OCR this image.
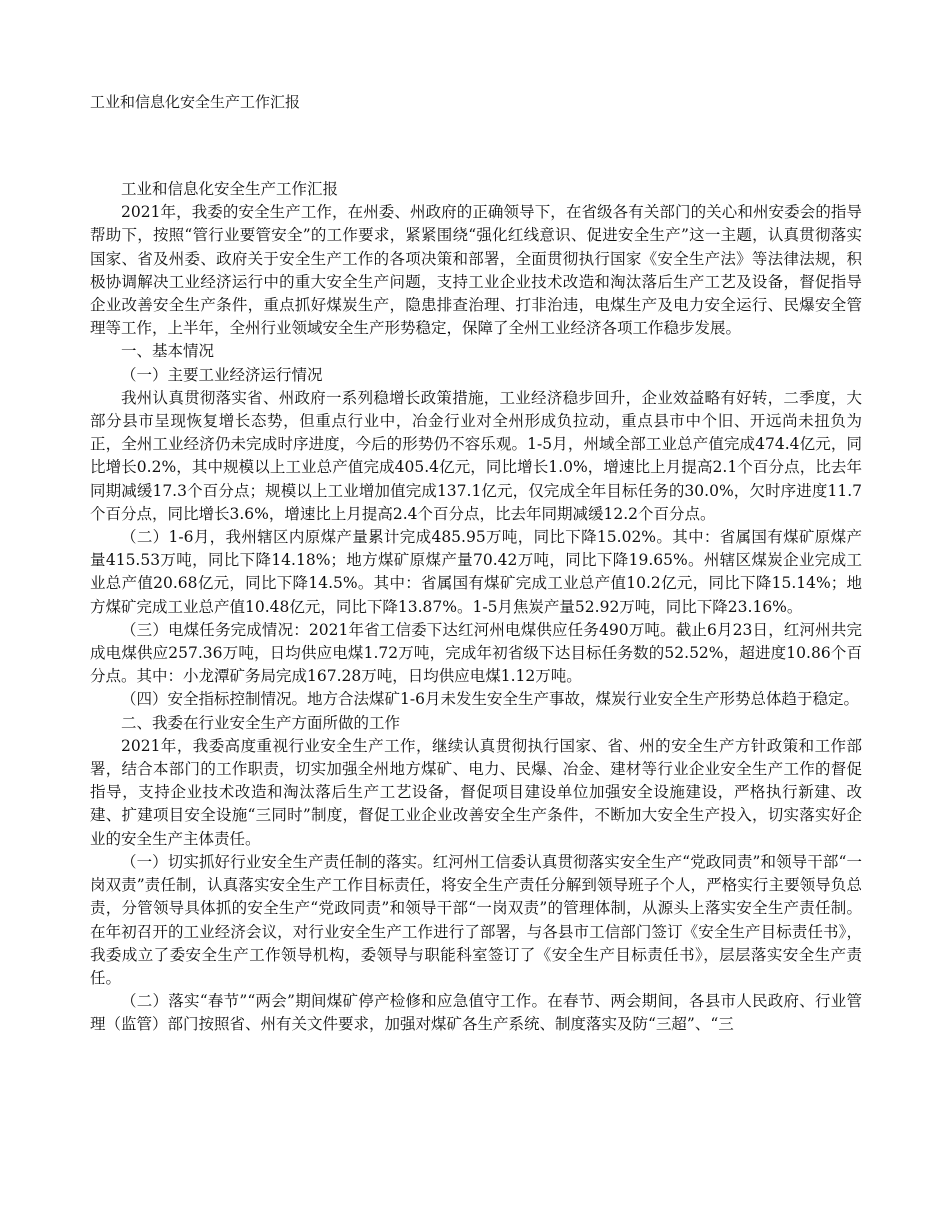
工业和信息化安全生产工作汇报

工业和信息化安全生产工作汇报

2021年，我委的安全生产工作，在州委、州政府的正确领导下，在省级各有关部门的关心和州安委会的指导帮助下，按照“管行业要管安全”的工作要求，紧紧围绕“强化红线意识、促进安全生产”这一主题，认真贯彻落实国家、省及州委、政府关于安全生产工作的各项决策和部署，全面贯彻执行国家《安全生产法》等法律法规，积极协调解决工业经济运行中的重大安全生产问题，支持工业企业技术改造和淘汰落后生产工艺及设备，督促指导企业改善安全生产条件，重点抓好煤炭生产，隐患排查治理、打非治违，电煤生产及电力安全运行、民爆安全管理等工作，上半年，全州行业领域安全生产形势稳定，保障了全州工业经济各项工作稳步发展。

一、基本情况

（一）主要工业经济运行情况

我州认真贯彻落实省、州政府一系列稳增长政策措施，工业经济稳步回升，企业效益略有好转，二季度，大部分县市呈现恢复增长态势，但重点行业中，冶金行业对全州形成负拉动，重点县市中个旧、开远尚未扭负为正，全州工业经济仍未完成时序进度，今后的形势仍不容乐观。1-5月，州域全部工业总产值完成474.4亿元，同比增长0.2%，其中规模以上工业总产值完成405.4亿元，同比增长1.0%，增速比上月提高2.1个百分点，比去年同期减缓17.3个百分点；规模以上工业增加值完成137.1亿元，仅完成全年目标任务的30.0%，欠时序进度11.7个百分点，同比增长3.6%，增速比上月提高2.4个百分点，比去年同期减缓12.2个百分点。

（二）1-6月，我州辖区内原煤产量累计完成485.95万吨，同比下降15.02%。其中：省属国有煤矿原煤产量415.53万吨，同比下降14.18%；地方煤矿原煤产量70.42万吨，同比下降19.65%。州辖区煤炭企业完成工业总产值20.68亿元，同比下降14.5%。其中：省属国有煤矿完成工业总产值10.2亿元，同比下降15.14%；地方煤矿完成工业总产值10.48亿元，同比下降13.87%。1-5月焦炭产量52.92万吨，同比下降23.16%。

（三）电煤任务完成情况：2021年省工信委下达红河州电煤供应任务490万吨。截止6月23日，红河州共完成电煤供应257.36万吨，日均供应电煤1.72万吨，完成年初省级下达目标任务数的52.52%，超进度10.86个百分点。其中：小龙潭矿务局完成167.28万吨，日均供应电煤1.12万吨。

（四）安全指标控制情况。地方合法煤矿1-6月未发生安全生产事故，煤炭行业安全生产形势总体趋于稳定。

二、我委在行业安全生产方面所做的工作

2021年，我委高度重视行业安全生产工作，继续认真贯彻执行国家、省、州的安全生产方针政策和工作部署，结合本部门的工作职责，切实加强全州地方煤矿、电力、民爆、冶金、建材等行业企业安全生产工作的督促指导，支持企业技术改造和淘汰落后生产工艺设备，督促项目建设单位加强安全设施建设，严格执行新建、改建、扩建项目安全设施“三同时”制度，督促工业企业改善安全生产条件，不断加大安全生产投入，切实落实好企业的安全生产主体责任。

（一）切实抓好行业安全生产责任制的落实。红河州工信委认真贯彻落实安全生产“党政同责”和领导干部“一岗双责”责任制，认真落实安全生产工作目标责任，将安全生产责任分解到领导班子个人，严格实行主要领导负总责，分管领导具体抓的安全生产“党政同责”和领导干部“一岗双责”的管理体制，从源头上落实安全生产责任制。在年初召开的工业经济会议，对行业安全生产工作进行了部署，与各县市工信部门签订《安全生产目标责任书》，我委成立了委安全生产工作领导机构，委领导与职能科室签订了《安全生产目标责任书》，层层落实安全生产责任。

（二）落实“春节”“两会”期间煤矿停产检修和应急值守工作。在春节、两会期间，各县市人民政府、行业管理（监管）部门按照省、州有关文件要求，加强对煤矿各生产系统、制度落实及防“三超”、“三
